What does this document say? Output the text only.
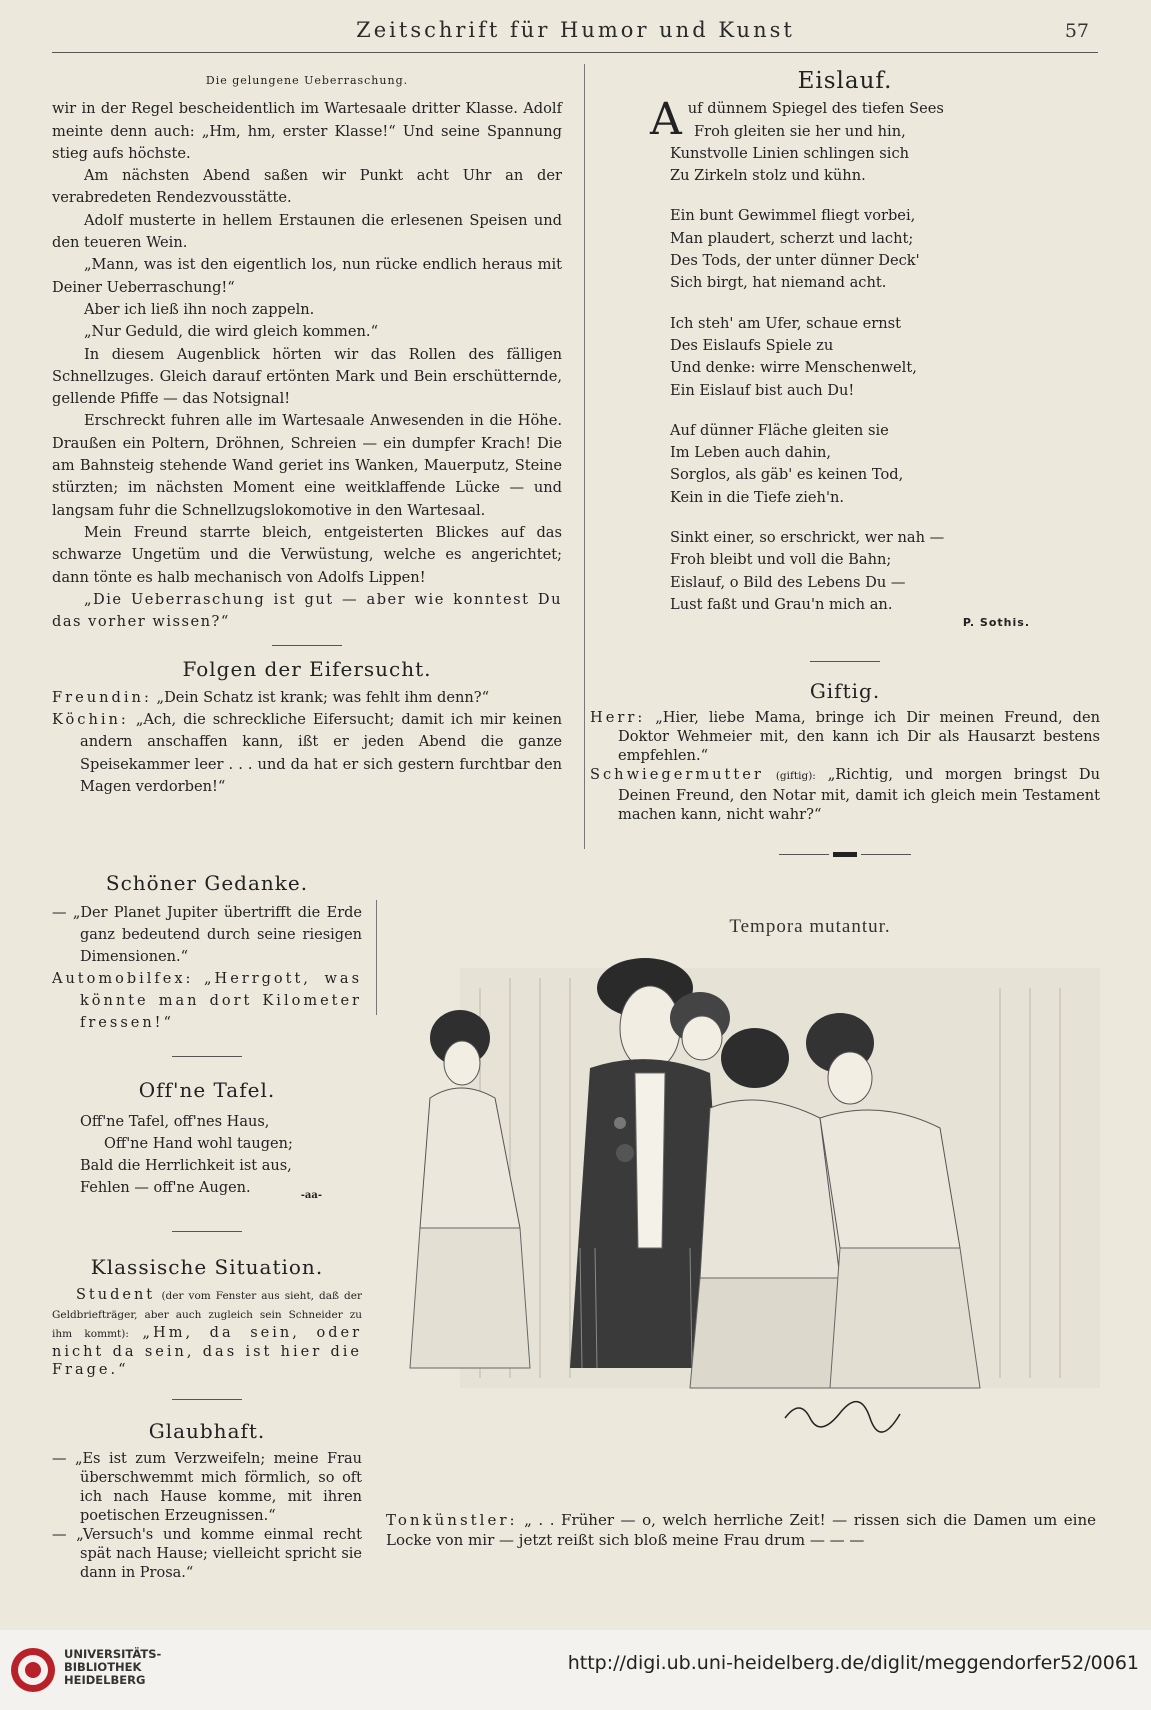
Zeitschrift für Humor und Kunst	57
Die gelungene Ueberraschung.

wir in der Regel bescheidentlich im Wartesaale dritter Klasse. Adolf meinte denn auch: „Hm, hm, erster Klasse!“ Und seine Spannung stieg aufs höchste.

Am nächsten Abend saßen wir Punkt acht Uhr an der verabredeten Rendezvousstätte.

Adolf musterte in hellem Erstaunen die erlesenen Speisen und den teueren Wein.

„Mann, was ist den eigentlich los, nun rücke endlich heraus mit Deiner Ueberraschung!“

Aber ich ließ ihn noch zappeln.

„Nur Geduld, die wird gleich kommen.“

In diesem Augenblick hörten wir das Rollen des fälligen Schnellzuges. Gleich darauf ertönten Mark und Bein erschütternde, gellende Pfiffe — das Notsignal!

Erschreckt fuhren alle im Wartesaale Anwesenden in die Höhe. Draußen ein Poltern, Dröhnen, Schreien — ein dumpfer Krach! Die am Bahnsteig stehende Wand geriet ins Wanken, Mauerputz, Steine stürzten; im nächsten Moment eine weitklaffende Lücke — und langsam fuhr die Schnellzugslokomotive in den Wartesaal.

Mein Freund starrte bleich, entgeisterten Blickes auf das schwarze Ungetüm und die Verwüstung, welche es angerichtet; dann tönte es halb mechanisch von Adolfs Lippen!

„Die Ueberraschung ist gut — aber wie konntest Du das vorher wissen?“

Folgen der Eifersucht.

Freundin: „Dein Schatz ist krank; was fehlt ihm denn?“

Köchin: „Ach, die schreckliche Eifersucht; damit ich mir keinen andern anschaffen kann, ißt er jeden Abend die ganze Speisekammer leer . . . und da hat er sich gestern furchtbar den Magen verdorben!“

Schöner Gedanke.

— „Der Planet Jupiter übertrifft die Erde ganz bedeutend durch seine riesigen Dimensionen.“

Automobilfex: „Herrgott, was könnte man dort Kilometer fressen!“

Off'ne Tafel.
Off'ne Tafel, off'nes Haus,
Off'ne Hand wohl taugen;
Bald die Herrlichkeit ist aus,
Fehlen — off'ne Augen.	-aa-
Klassische Situation.

Student (der vom Fenster aus sieht, daß der Geldbriefträger, aber auch zugleich sein Schneider zu ihm kommt): „Hm, da sein, oder nicht da sein, das ist hier die Frage.“

Glaubhaft.

— „Es ist zum Verzweifeln; meine Frau überschwemmt mich förmlich, so oft ich nach Hause komme, mit ihren poetischen Erzeugnissen.“

— „Versuch's und komme einmal recht spät nach Hause; vielleicht spricht sie dann in Prosa.“

Eislauf.
A uf dünnem Spiegel des tiefen Sees
Froh gleiten sie her und hin,
Kunstvolle Linien schlingen sich
Zu Zirkeln stolz und kühn.
Ein bunt Gewimmel fliegt vorbei,
Man plaudert, scherzt und lacht;
Des Tods, der unter dünner Deck'
Sich birgt, hat niemand acht.
Ich steh' am Ufer, schaue ernst
Des Eislaufs Spiele zu
Und denke: wirre Menschenwelt,
Ein Eislauf bist auch Du!
Auf dünner Fläche gleiten sie
Im Leben auch dahin,
Sorglos, als gäb' es keinen Tod,
Kein in die Tiefe zieh'n.
Sinkt einer, so erschrickt, wer nah —
Froh bleibt und voll die Bahn;
Eislauf, o Bild des Lebens Du —
Lust faßt und Grau'n mich an.
P. Sothis.
Giftig.

Herr: „Hier, liebe Mama, bringe ich Dir meinen Freund, den Doktor Wehmeier mit, den kann ich Dir als Hausarzt bestens empfehlen.“

Schwiegermutter (giftig): „Richtig, und morgen bringst Du Deinen Freund, den Notar mit, damit ich gleich mein Testament machen kann, nicht wahr?“

Tempora mutantur.
Tonkünstler: „ . . Früher — o, welch herrliche Zeit! — rissen sich die Damen um eine Locke von mir — jetzt reißt sich bloß meine Frau drum — — —
UNIVERSITÄTS-
BIBLIOTHEK
HEIDELBERG
http://digi.ub.uni-heidelberg.de/diglit/meggendorfer52/0061
